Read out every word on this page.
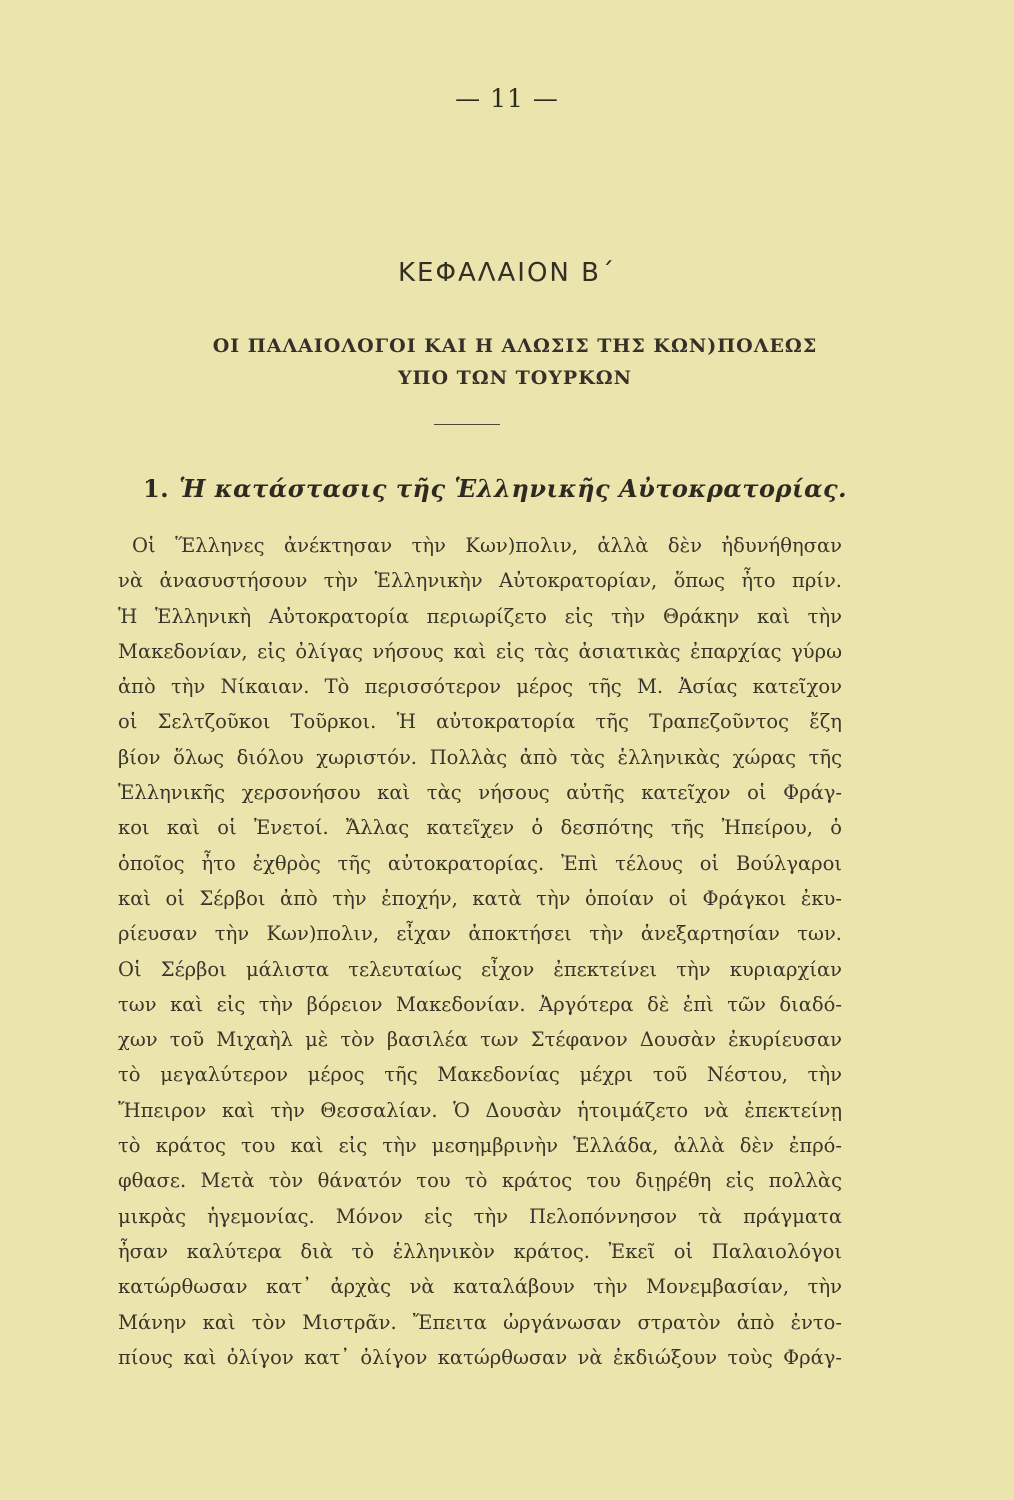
— 11 —
ΚΕΦΑΛΑΙΟΝ Β΄
ΟΙ ΠΑΛΑΙΟΛΟΓΟΙ ΚΑΙ Η ΑΛΩΣΙΣ ΤΗΣ ΚΩΝ)ΠΟΛΕΩΣ
ΥΠΟ ΤΩΝ ΤΟΥΡΚΩΝ
1. Ἡ κατάστασις τῆς Ἑλληνικῆς Αὐτοκρατορίας.
Οἱ Ἕλληνες ἀνέκτησαν τὴν Κων)πολιν, ἀλλὰ δὲν ἠδυνήθησαν
νὰ ἀνασυστήσουν τὴν Ἑλληνικὴν Αὐτοκρατορίαν, ὅπως ἦτο πρίν.
Ἡ Ἑλληνικὴ Αὐτοκρατορία περιωρίζετο εἰς τὴν Θράκην καὶ τὴν
Μακεδονίαν, εἰς ὀλίγας νήσους καὶ εἰς τὰς ἀσιατικὰς ἐπαρχίας γύρω
ἀπὸ τὴν Νίκαιαν. Τὸ περισσότερον μέρος τῆς Μ. Ἀσίας κατεῖχον
οἱ Σελτζοῦκοι Τοῦρκοι. Ἡ αὐτοκρατορία τῆς Τραπεζοῦντος ἔζη
βίον ὅλως διόλου χωριστόν. Πολλὰς ἀπὸ τὰς ἑλληνικὰς χώρας τῆς
Ἑλληνικῆς χερσονήσου καὶ τὰς νήσους αὐτῆς κατεῖχον οἱ Φράγ-
κοι καὶ οἱ Ἑνετοί. Ἄλλας κατεῖχεν ὁ δεσπότης τῆς Ἠπείρου, ὁ
ὁποῖος ἦτο ἐχθρὸς τῆς αὐτοκρατορίας. Ἐπὶ τέλους οἱ Βούλγαροι
καὶ οἱ Σέρβοι ἀπὸ τὴν ἐποχήν, κατὰ τὴν ὁποίαν οἱ Φράγκοι ἐκυ-
ρίευσαν τὴν Κων)πολιν, εἶχαν ἀποκτήσει τὴν ἀνεξαρτησίαν των.
Οἱ Σέρβοι μάλιστα τελευταίως εἶχον ἐπεκτείνει τὴν κυριαρχίαν
των καὶ εἰς τὴν βόρειον Μακεδονίαν. Ἀργότερα δὲ ἐπὶ τῶν διαδό-
χων τοῦ Μιχαὴλ μὲ τὸν βασιλέα των Στέφανον Δουσὰν ἐκυρίευσαν
τὸ μεγαλύτερον μέρος τῆς Μακεδονίας μέχρι τοῦ Νέστου, τὴν
Ἤπειρον καὶ τὴν Θεσσαλίαν. Ὁ Δουσὰν ἡτοιμάζετο νὰ ἐπεκτείνῃ
τὸ κράτος του καὶ εἰς τὴν μεσημβρινὴν Ἑλλάδα, ἀλλὰ δὲν ἐπρό-
φθασε. Μετὰ τὸν θάνατόν του τὸ κράτος του διῃρέθη εἰς πολλὰς
μικρὰς ἡγεμονίας. Μόνον εἰς τὴν Πελοπόννησον τὰ πράγματα
ἦσαν καλύτερα διὰ τὸ ἑλληνικὸν κράτος. Ἐκεῖ οἱ Παλαιολόγοι
κατώρθωσαν κατ᾽ ἀρχὰς νὰ καταλάβουν τὴν Μονεμβασίαν, τὴν
Μάνην καὶ τὸν Μιστρᾶν. Ἔπειτα ὠργάνωσαν στρατὸν ἀπὸ ἐντο-
πίους καὶ ὀλίγον κατ᾽ ὀλίγον κατώρθωσαν νὰ ἐκδιώξουν τοὺς Φράγ-
